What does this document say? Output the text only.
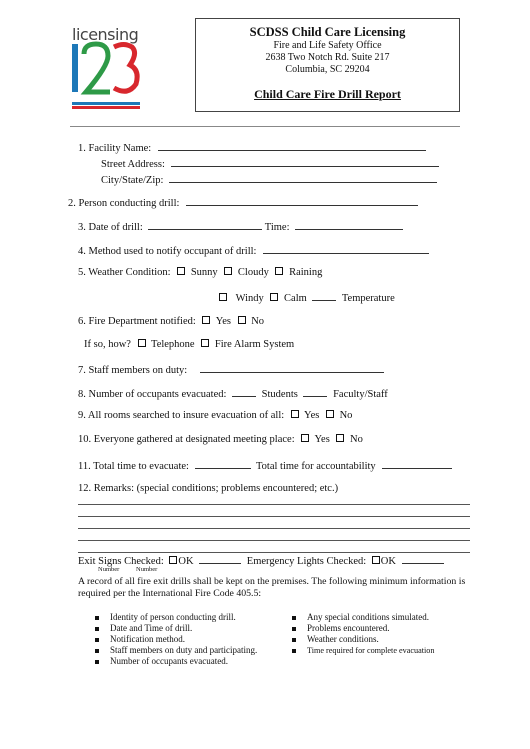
licensing	SCDSS Child Care Licensing
Fire and Life Safety Office
2638 Two Notch Rd. Suite 217
Columbia, SC 29204
Child Care Fire Drill Report
1. Facility Name:
Street Address:
City/State/Zip:
2. Person conducting drill:
3. Date of drill:	Time:
4. Method used to notify occupant of drill:
5. Weather Condition: Sunny Cloudy Raining
Windy Calm	Temperature
6. Fire Department notified: Yes No
If so, how? Telephone Fire Alarm System
7. Staff members on duty:
8. Number of occupants evacuated:	Students	Faculty/Staff
9. All rooms searched to insure evacuation of all: Yes No
10. Everyone gathered at designated meeting place: Yes No
11. Total time to evacuate:	Total time for accountability
12. Remarks: (special conditions; problems encountered; etc.)
Exit Signs Checked: OK	Emergency Lights Checked: OK
Number	Number
A record of all fire exit drills shall be kept on the premises. The following minimum information is required per the International Fire Code 405.5:
Identity of person conducting drill.
Date and Time of drill.
Notification method.
Staff members on duty and participating.
Number of occupants evacuated.
Any special conditions simulated.
Problems encountered.
Weather conditions.
Time required for complete evacuation
